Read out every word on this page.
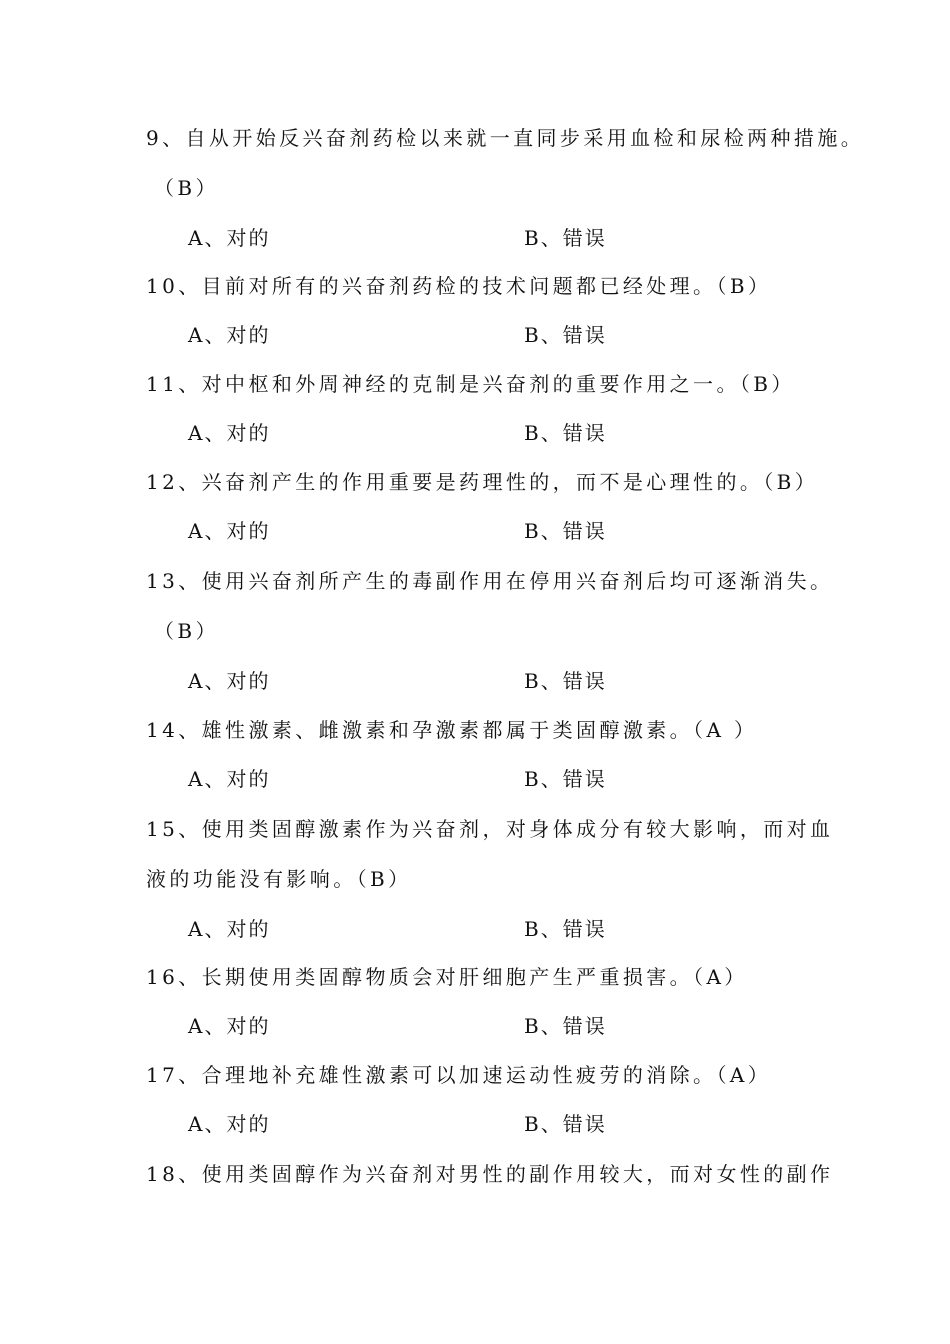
9、自从开始反兴奋剂药检以来就一直同步采用血检和尿检两种措施。
（B）
A、对的	B、错误
10、目前对所有的兴奋剂药检的技术问题都已经处理。（B）
A、对的	B、错误
11、对中枢和外周神经的克制是兴奋剂的重要作用之一。（B）
A、对的	B、错误
12、兴奋剂产生的作用重要是药理性的，而不是心理性的。（B）
A、对的	B、错误
13、使用兴奋剂所产生的毒副作用在停用兴奋剂后均可逐渐消失。
（B）
A、对的	B、错误
14、雄性激素、雌激素和孕激素都属于类固醇激素。（A ）
A、对的	B、错误
15、使用类固醇激素作为兴奋剂，对身体成分有较大影响，而对血
液的功能没有影响。（B）
A、对的	B、错误
16、长期使用类固醇物质会对肝细胞产生严重损害。（A）
A、对的	B、错误
17、合理地补充雄性激素可以加速运动性疲劳的消除。（A）
A、对的	B、错误
18、使用类固醇作为兴奋剂对男性的副作用较大，而对女性的副作
